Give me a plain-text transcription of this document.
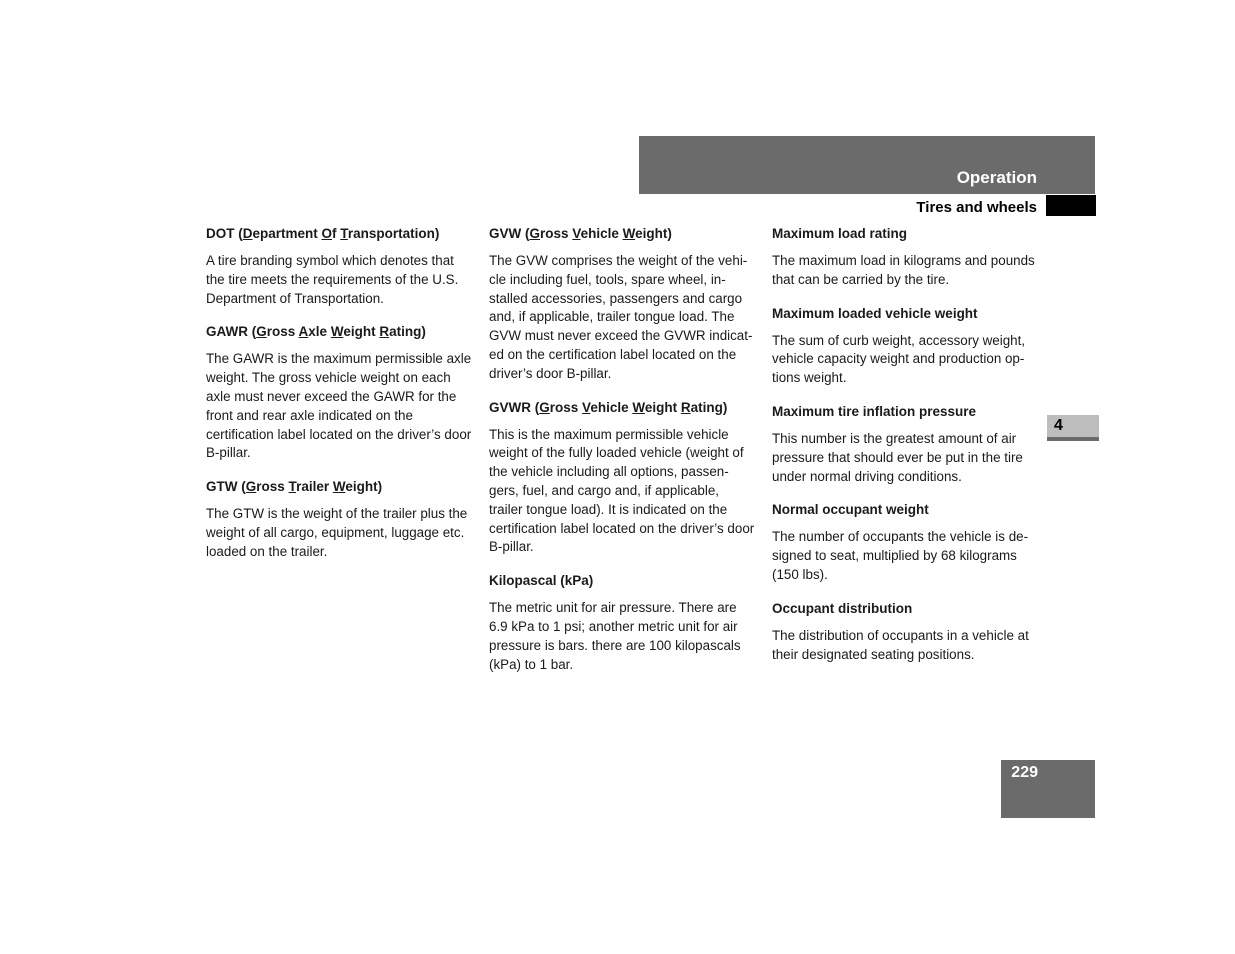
Operation
Tires and wheels
4
229

DOT (Department Of Transportation)

A tire branding symbol which denotes that the tire meets the requirements of the U.S. Department of Transportation.

GAWR (Gross Axle Weight Rating)

The GAWR is the maximum permissible axle weight. The gross vehicle weight on each axle must never exceed the GAWR for the front and rear axle indicated on the certification label located on the driver’s door B-pillar.

GTW (Gross Trailer Weight)

The GTW is the weight of the trailer plus the weight of all cargo, equipment, luggage etc. loaded on the trailer.

GVW (Gross Vehicle Weight)

The GVW comprises the weight of the vehi-cle including fuel, tools, spare wheel, in-stalled accessories, passengers and cargo and, if applicable, trailer tongue load. The GVW must never exceed the GVWR indicat-ed on the certification label located on the driver’s door B-pillar.

GVWR (Gross Vehicle Weight Rating)

This is the maximum permissible vehicle weight of the fully loaded vehicle (weight of the vehicle including all options, passen-gers, fuel, and cargo and, if applicable, trailer tongue load). It is indicated on the certification label located on the driver’s door B-pillar.

Kilopascal (kPa)

The metric unit for air pressure. There are 6.9 kPa to 1 psi; another metric unit for air pressure is bars. there are 100 kilopascals (kPa) to 1 bar.

Maximum load rating

The maximum load in kilograms and pounds that can be carried by the tire.

Maximum loaded vehicle weight

The sum of curb weight, accessory weight, vehicle capacity weight and production op-tions weight.

Maximum tire inflation pressure

This number is the greatest amount of air pressure that should ever be put in the tire under normal driving conditions.

Normal occupant weight

The number of occupants the vehicle is de-signed to seat, multiplied by 68 kilograms (150 lbs).

Occupant distribution

The distribution of occupants in a vehicle at their designated seating positions.
